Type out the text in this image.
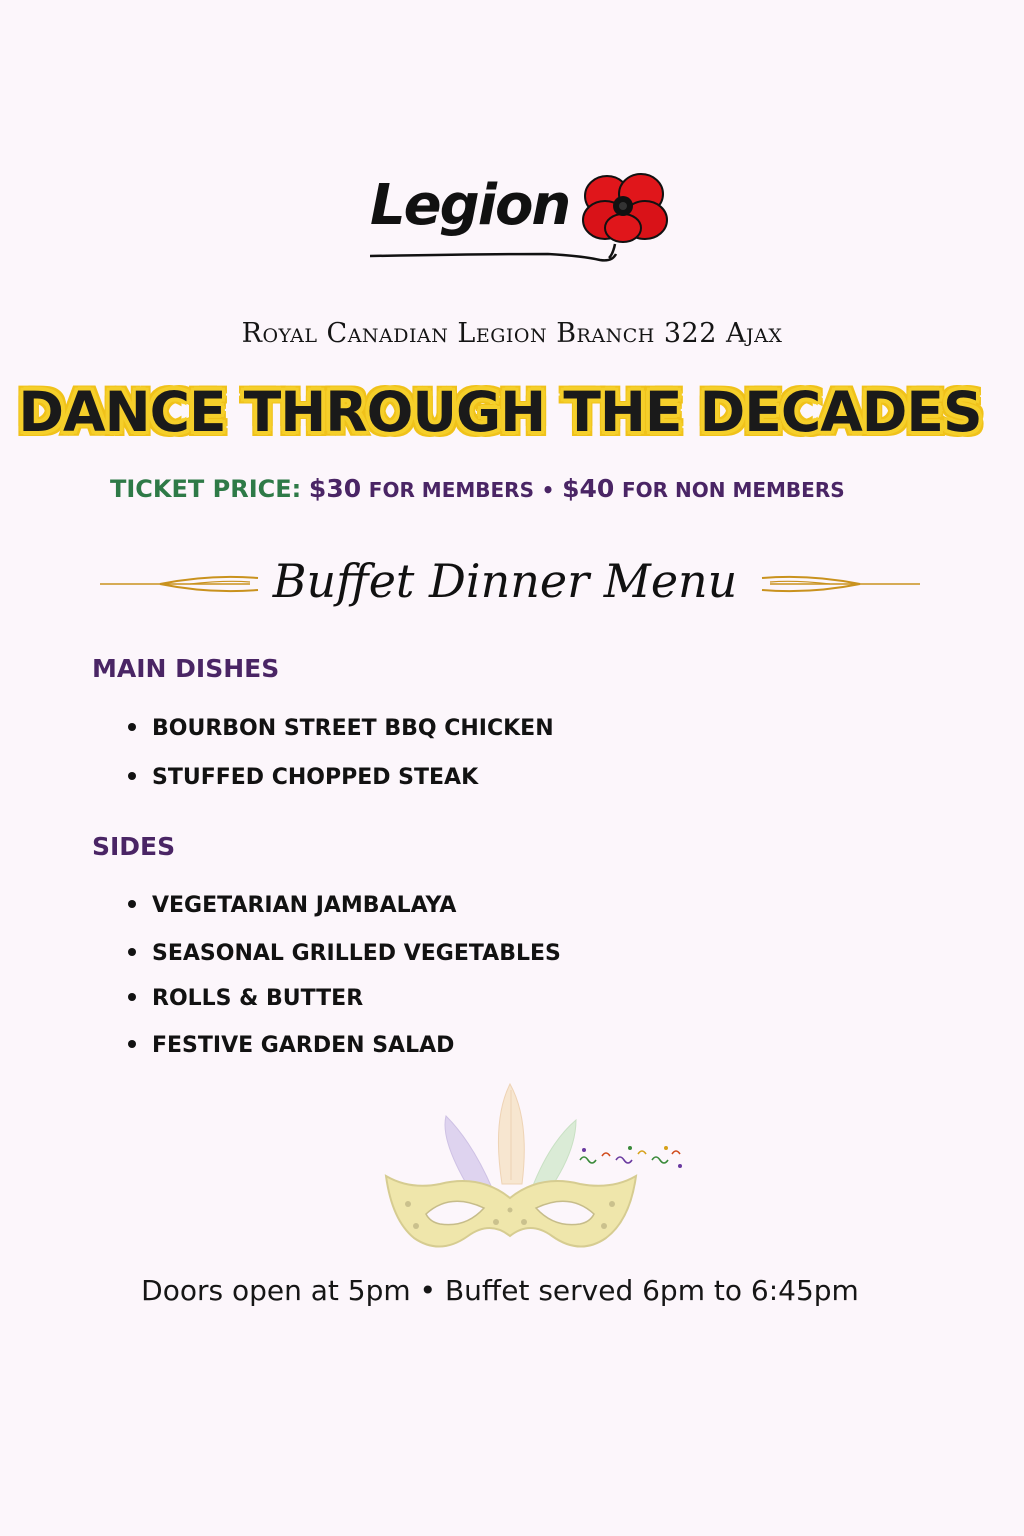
Legion
Royal Canadian Legion Branch 322 Ajax
DANCE THROUGH THE DECADES
TICKET PRICE: $30 FOR MEMBERS • $40 FOR NON MEMBERS
Buffet Dinner Menu
MAIN DISHES
BOURBON STREET BBQ CHICKEN
STUFFED CHOPPED STEAK
SIDES
VEGETARIAN JAMBALAYA
SEASONAL GRILLED VEGETABLES
ROLLS & BUTTER
FESTIVE GARDEN SALAD
Doors open at 5pm • Buffet served 6pm to 6:45pm
